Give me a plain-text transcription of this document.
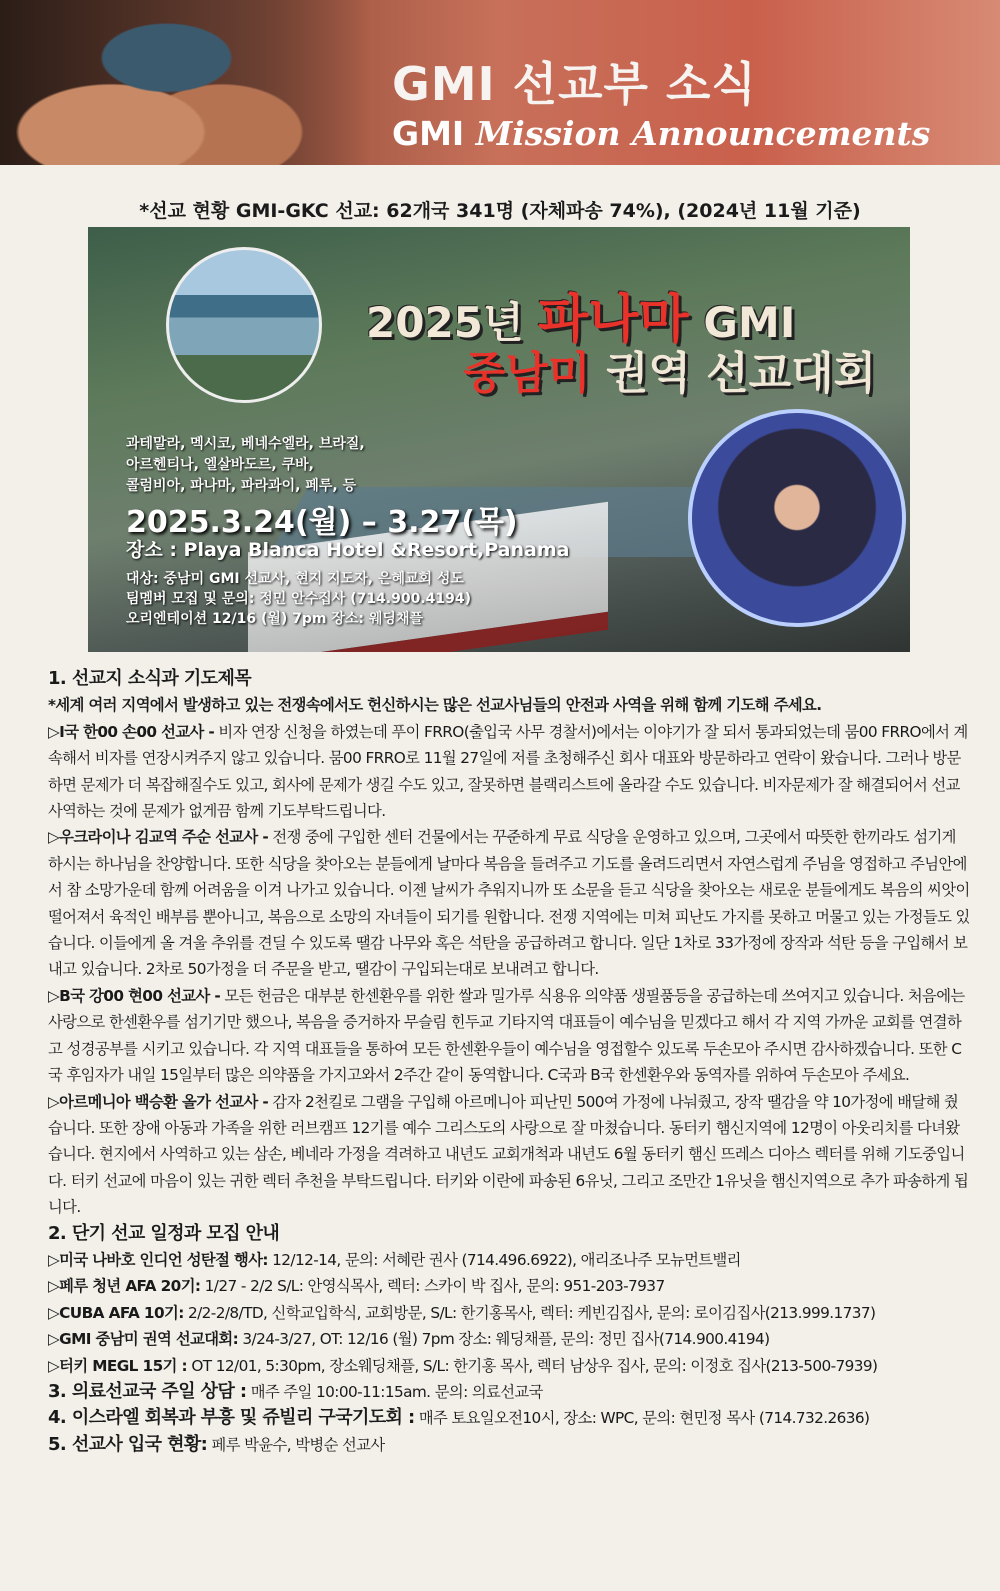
GMI 선교부 소식
GMI Mission Announcements
*선교 현황 GMI-GKC 선교: 62개국 341명 (자체파송 74%), (2024년 11월 기준)
2025년 파나마 GMI
중남미 권역 선교대회
과테말라, 멕시코, 베네수엘라, 브라질,
아르헨티나, 엘살바도르, 쿠바,
콜럼비아, 파나마, 파라과이, 페루, 등
2025.3.24(월) – 3.27(목)
장소 : Playa Blanca Hotel &Resort,Panama
대상: 중남미 GMI 선교사, 현지 지도자, 은혜교회 성도
팀멤버 모집 및 문의: 정민 안수집사 (714.900.4194)
오리엔테이션 12/16 (월) 7pm 장소: 웨딩채플

1. 선교지 소식과 기도제목

*세계 여러 지역에서 발생하고 있는 전쟁속에서도 헌신하시는 많은 선교사님들의 안전과 사역을 위해 함께 기도해 주세요.

▷I국 한00 손00 선교사 - 비자 연장 신청을 하였는데 푸이 FRRO(출입국 사무 경찰서)에서는 이야기가 잘 되서 통과되었는데 뭄00 FRRO에서 계속해서 비자를 연장시켜주지 않고 있습니다. 뭄00 FRRO로 11월 27일에 저를 초청해주신 회사 대표와 방문하라고 연락이 왔습니다. 그러나 방문 하면 문제가 더 복잡해질수도 있고, 회사에 문제가 생길 수도 있고, 잘못하면 블랙리스트에 올라갈 수도 있습니다. 비자문제가 잘 해결되어서 선교사역하는 것에 문제가 없게끔 함께 기도부탁드립니다.

▷우크라이나 김교역 주순 선교사 - 전쟁 중에 구입한 센터 건물에서는 꾸준하게 무료 식당을 운영하고 있으며, 그곳에서 따뜻한 한끼라도 섬기게 하시는 하나님을 찬양합니다. 또한 식당을 찾아오는 분들에게 날마다 복음을 들려주고 기도를 올려드리면서 자연스럽게 주님을 영접하고 주님안에서 참 소망가운데 함께 어려움을 이겨 나가고 있습니다. 이젠 날씨가 추워지니까 또 소문을 듣고 식당을 찾아오는 새로운 분들에게도 복음의 씨앗이 떨어져서 육적인 배부름 뿐아니고, 복음으로 소망의 자녀들이 되기를 원합니다. 전쟁 지역에는 미쳐 피난도 가지를 못하고 머물고 있는 가정들도 있습니다. 이들에게 올 겨울 추위를 견딜 수 있도록 땔감 나무와 혹은 석탄을 공급하려고 합니다. 일단 1차로 33가정에 장작과 석탄 등을 구입해서 보내고 있습니다. 2차로 50가정을 더 주문을 받고, 땔감이 구입되는대로 보내려고 합니다.

▷B국 강00 현00 선교사 - 모든 헌금은 대부분 한센환우를 위한 쌀과 밀가루 식용유 의약품 생필품등을 공급하는데 쓰여지고 있습니다. 처음에는 사랑으로 한센환우를 섬기기만 했으나, 복음을 증거하자 무슬림 힌두교 기타지역 대표들이 예수님을 믿겠다고 해서 각 지역 가까운 교회를 연결하고 성경공부를 시키고 있습니다. 각 지역 대표들을 통하여 모든 한센환우들이 예수님을 영접할수 있도록 두손모아 주시면 감사하겠습니다. 또한 C국 후임자가 내일 15일부터 많은 의약품을 가지고와서 2주간 같이 동역합니다. C국과 B국 한센환우와 동역자를 위하여 두손모아 주세요.

▷아르메니아 백승환 올가 선교사 - 감자 2천킬로 그램을 구입해 아르메니아 피난민 500여 가정에 나눠줬고, 장작 땔감을 약 10가정에 배달해 줬습니다. 또한 장애 아동과 가족을 위한 러브캠프 12기를 예수 그리스도의 사랑으로 잘 마쳤습니다. 동터키 햄신지역에 12명이 아웃리치를 다녀왔습니다. 현지에서 사역하고 있는 삼손, 베네라 가정을 격려하고 내년도 교회개척과 내년도 6월 동터키 햄신 뜨레스 디아스 렉터를 위해 기도중입니다. 터키 선교에 마음이 있는 귀한 렉터 추천을 부탁드립니다. 터키와 이란에 파송된 6유닛, 그리고 조만간 1유닛을 햄신지역으로 추가 파송하게 됩니다.

2. 단기 선교 일정과 모집 안내

▷미국 나바호 인디언 성탄절 행사: 12/12-14, 문의: 서혜란 권사 (714.496.6922), 애리조나주 모뉴먼트밸리

▷페루 청년 AFA 20기: 1/27 - 2/2 S/L: 안영식목사, 렉터: 스카이 박 집사, 문의: 951-203-7937

▷CUBA AFA 10기: 2/2-2/8/TD, 신학교입학식, 교회방문, S/L: 한기홍목사, 렉터: 케빈김집사, 문의: 로이김집사(213.999.1737)

▷GMI 중남미 권역 선교대회: 3/24-3/27, OT: 12/16 (월) 7pm 장소: 웨딩채플, 문의: 정민 집사(714.900.4194)

▷터키 MEGL 15기 : OT 12/01, 5:30pm, 장소웨딩채플, S/L: 한기홍 목사, 렉터 남상우 집사, 문의: 이정호 집사(213-500-7939)

3. 의료선교국 주일 상담 : 매주 주일 10:00-11:15am. 문의: 의료선교국

4. 이스라엘 회복과 부흥 및 쥬빌리 구국기도회 : 매주 토요일오전10시, 장소: WPC, 문의: 현민정 목사 (714.732.2636)

5. 선교사 입국 현황: 페루 박윤수, 박병순 선교사
